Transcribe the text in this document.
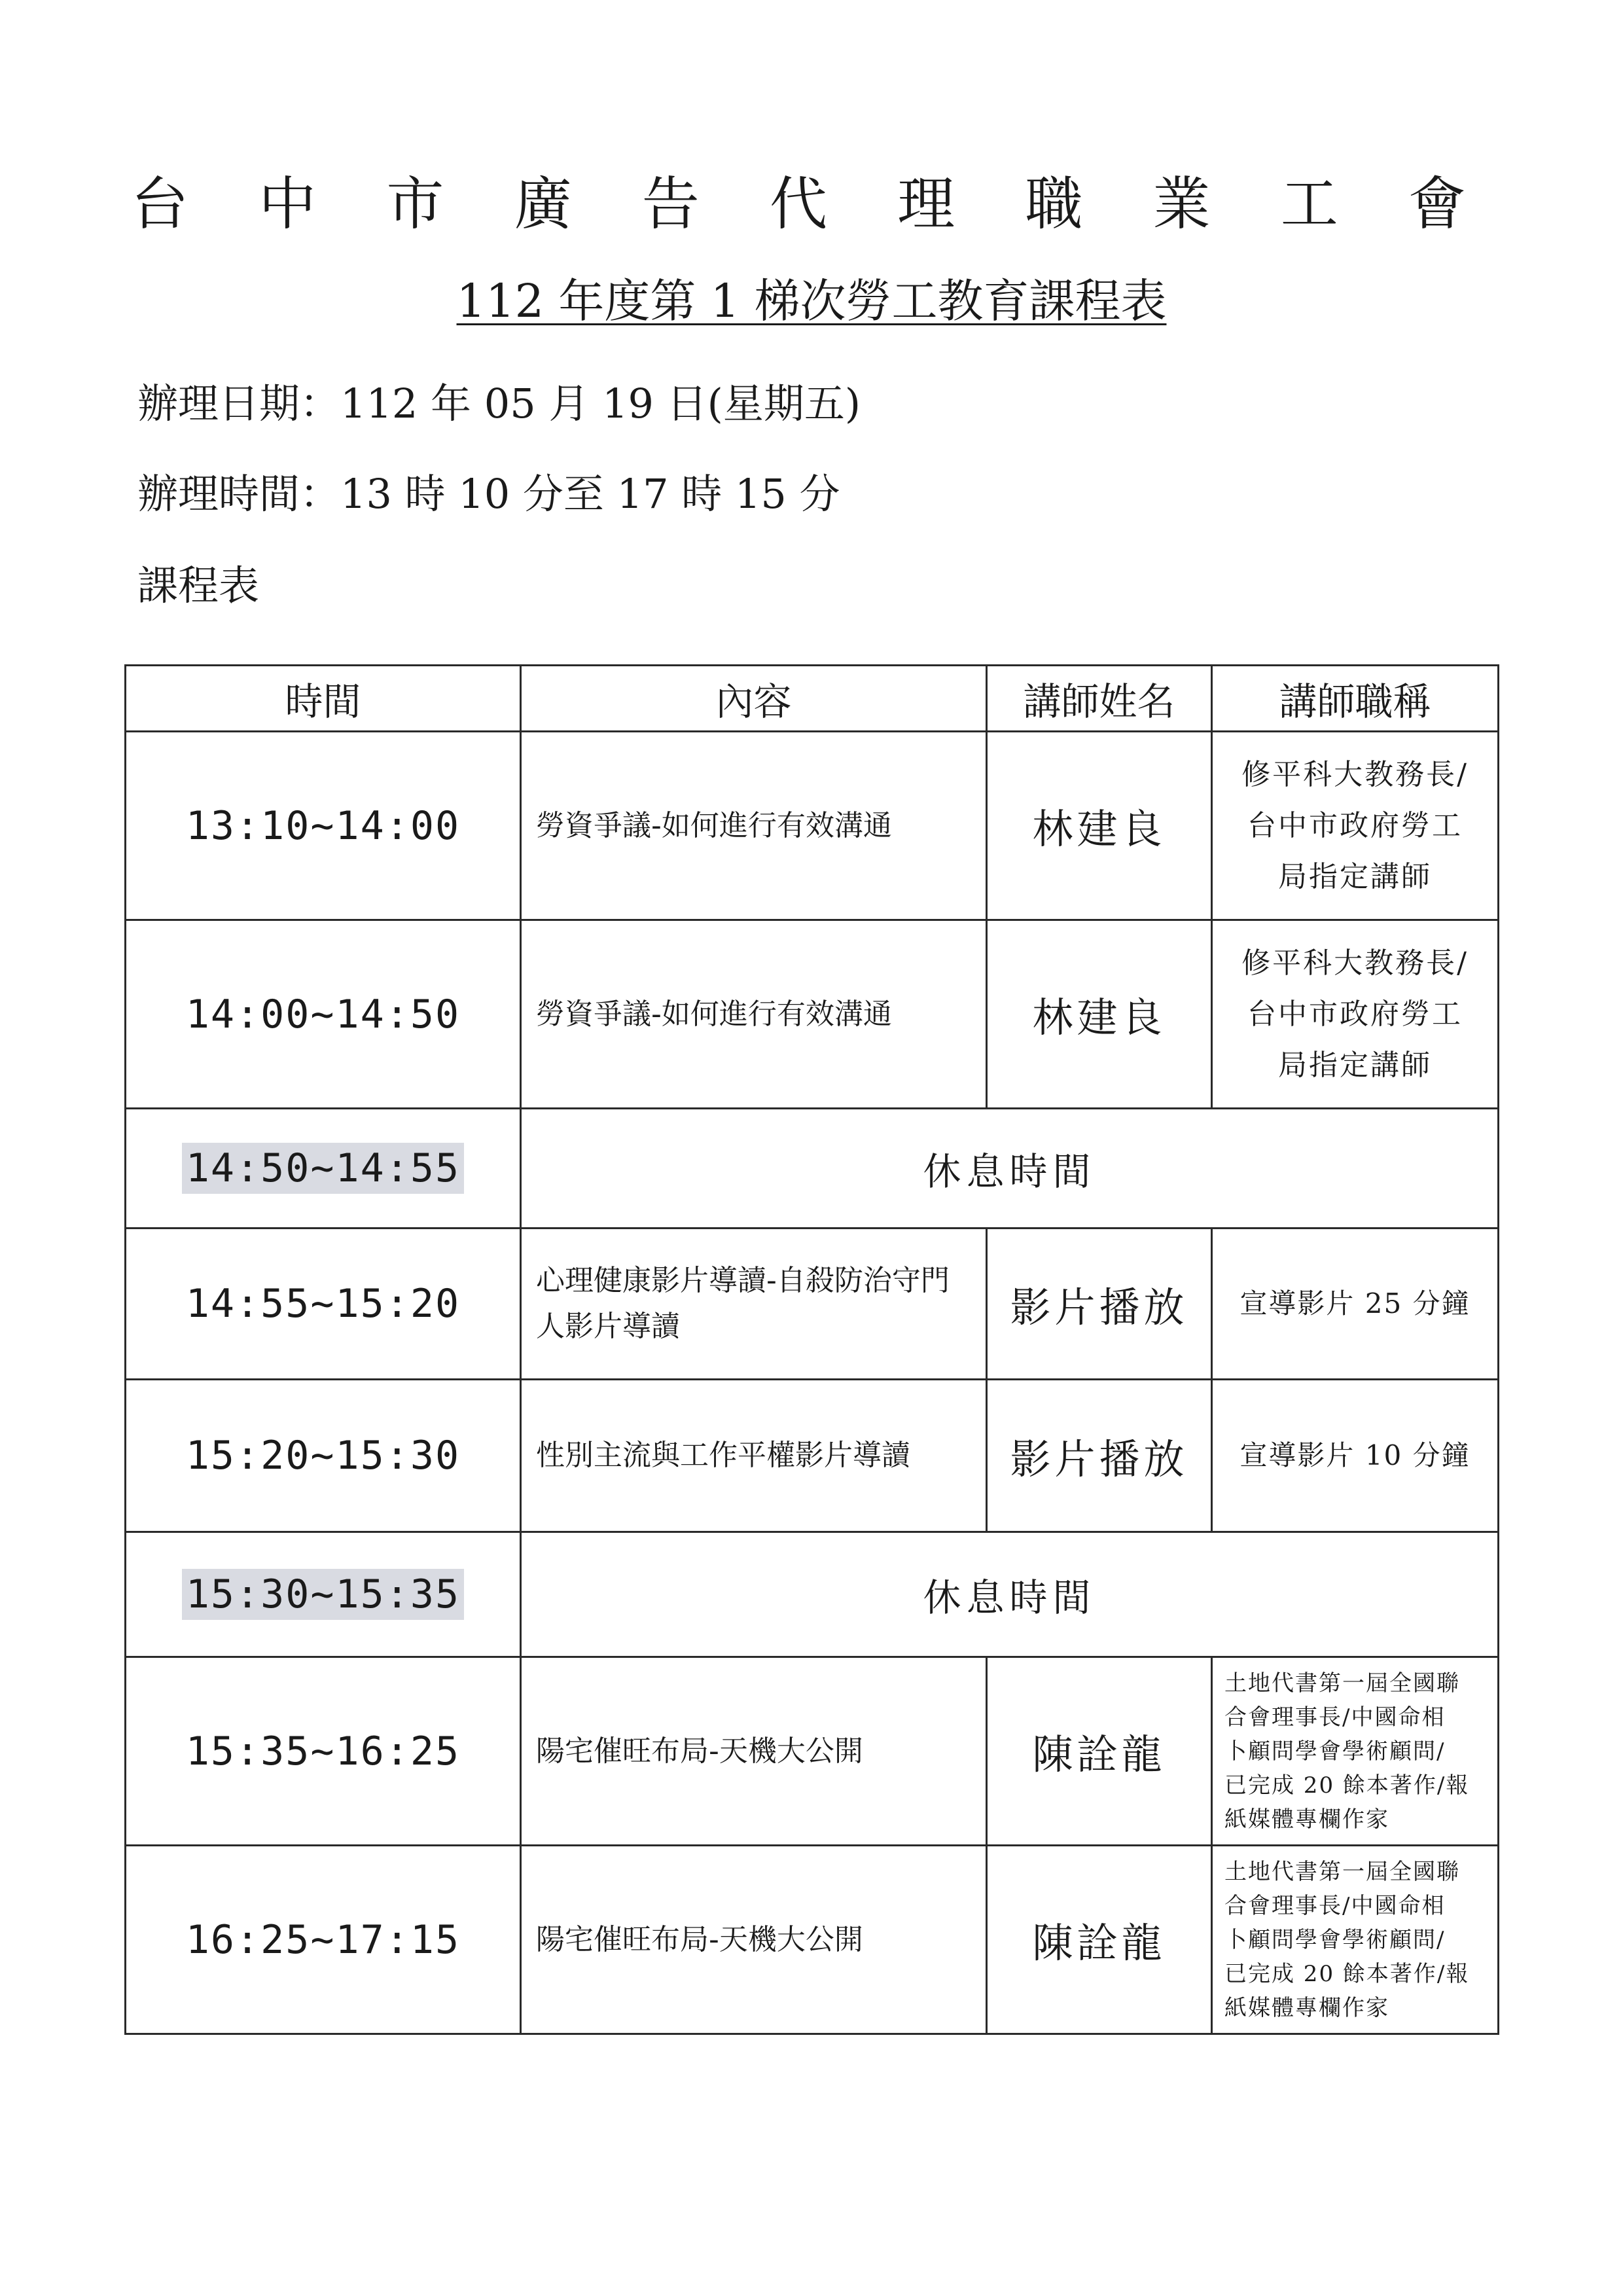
台 中 市 廣 告 代 理 職 業 工 會
112 年度第 1 梯次勞工教育課程表
辦理日期：112 年 05 月 19 日(星期五)
辦理時間：13 時 10 分至 17 時 15 分
課程表
時間	內容	講師姓名	講師職稱
13:10~14:00	勞資爭議-如何進行有效溝通	林建良	修平科大教務長/
台中市政府勞工
局指定講師

14:00~14:50	勞資爭議-如何進行有效溝通	林建良	修平科大教務長/
台中市政府勞工
局指定講師

14:50~14:55	休息時間		
14:55~15:20	心理健康影片導讀-自殺防治守門人影片導讀	影片播放	宣導影片 25 分鐘

15:20~15:30	性別主流與工作平權影片導讀	影片播放	宣導影片 10 分鐘

15:30~15:35	休息時間		
15:35~16:25	陽宅催旺布局-天機大公開	陳詮龍	土地代書第一屆全國聯
合會理事長/中國命相
卜顧問學會學術顧問/
已完成 20 餘本著作/報
紙媒體專欄作家

16:25~17:15	陽宅催旺布局-天機大公開	陳詮龍	土地代書第一屆全國聯
合會理事長/中國命相
卜顧問學會學術顧問/
已完成 20 餘本著作/報
紙媒體專欄作家
